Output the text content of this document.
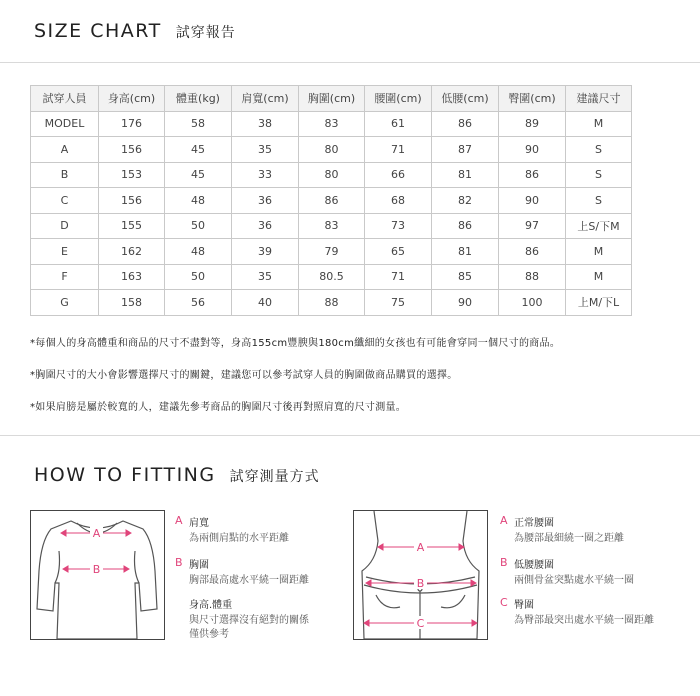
SIZE CHART 試穿報告
試穿人員	身高(cm)	體重(kg)	肩寬(cm)	胸圍(cm)	腰圍(cm)	低腰(cm)	臀圍(cm)	建議尺寸
MODEL	176	58	38	83	61	86	89	M
A	156	45	35	80	71	87	90	S
B	153	45	33	80	66	81	86	S
C	156	48	36	86	68	82	90	S
D	155	50	36	83	73	86	97	上S/下M
E	162	48	39	79	65	81	86	M
F	163	50	35	80.5	71	85	88	M
G	158	56	40	88	75	90	100	上M/下L
*每個人的身高體重和商品的尺寸不盡對等，身高155cm豐腴與180cm纖細的女孩也有可能會穿同一個尺寸的商品。
*胸圍尺寸的大小會影響選擇尺寸的關鍵，建議您可以參考試穿人員的胸圍做商品購買的選擇。
*如果肩膀是屬於較寬的人，建議先參考商品的胸圍尺寸後再對照肩寬的尺寸測量。
HOW TO FITTING 試穿測量方式
A
B
A 肩寬
為兩側肩點的水平距離
B 胸圍
胸部最高處水平繞一圈距離
身高.體重
與尺寸選擇沒有絕對的關係
僅供參考
A
B
C
A 正常腰圍
為腰部最細繞一圈之距離
B 低腰腰圍
兩側骨盆突點處水平繞一圈
C 臀圍
為臀部最突出處水平繞一圈距離
